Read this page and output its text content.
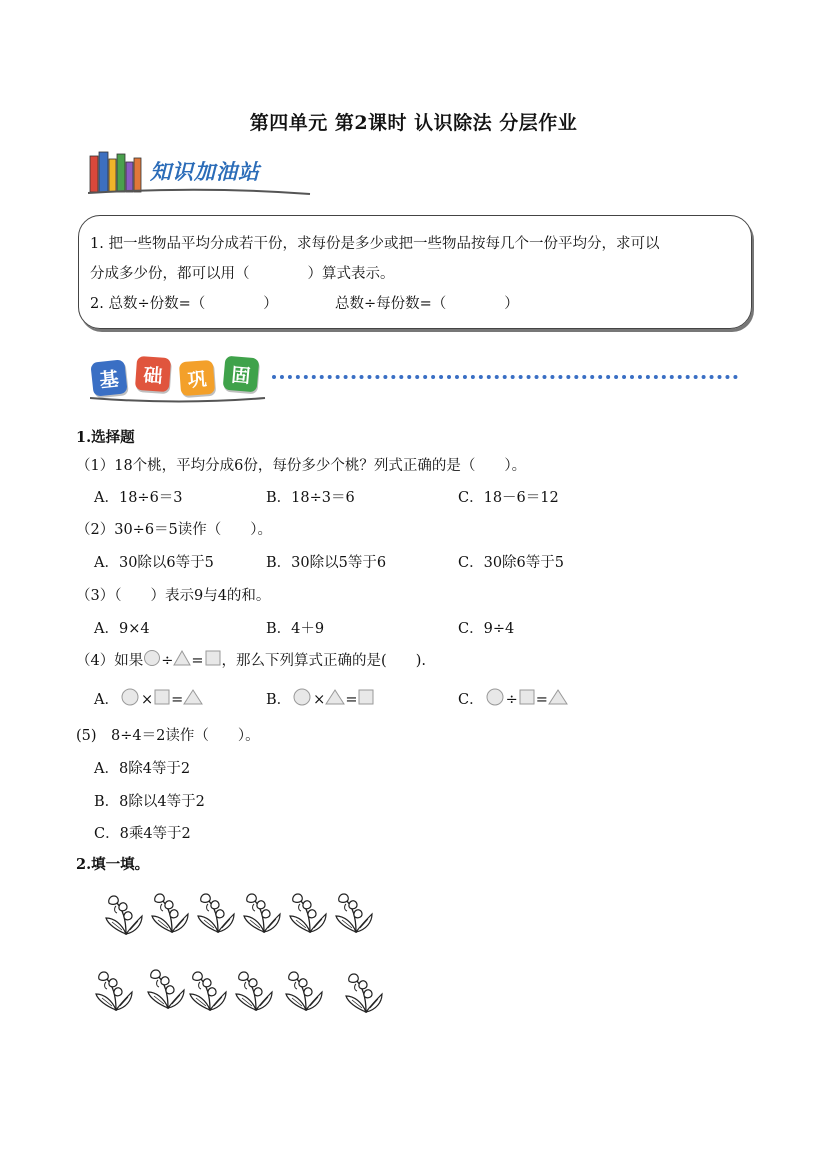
第四单元 第2课时 认识除法 分层作业
知识加油站
1. 把一些物品平均分成若干份，求每份是多少或把一些物品按每几个一份平均分，求可以
分成多少份，都可以用（　　　　）算式表示。
2. 总数÷份数=（　　　　）	总数÷每份数=（　　　　）
基	础	巩	固
1.选择题
（1）18个桃，平均分成6份，每份多少个桃？列式正确的是（　　）。
A．18÷6＝3	B．18÷3＝6	C．18－6＝12
（2）30÷6＝5读作（　　）。
A．30除以6等于5	B．30除以5等于6	C．30除6等于5
（3）（　　）表示9与4的和。
A．9×4	B．4＋9	C．9÷4
（4）如果 ÷ = ，那么下列算式正确的是(　　).
A． × =	B． × =	C． ÷ =
(5)　8÷4＝2读作（　　）。
A．8除4等于2
B．8除以4等于2
C．8乘4等于2
2.填一填。
